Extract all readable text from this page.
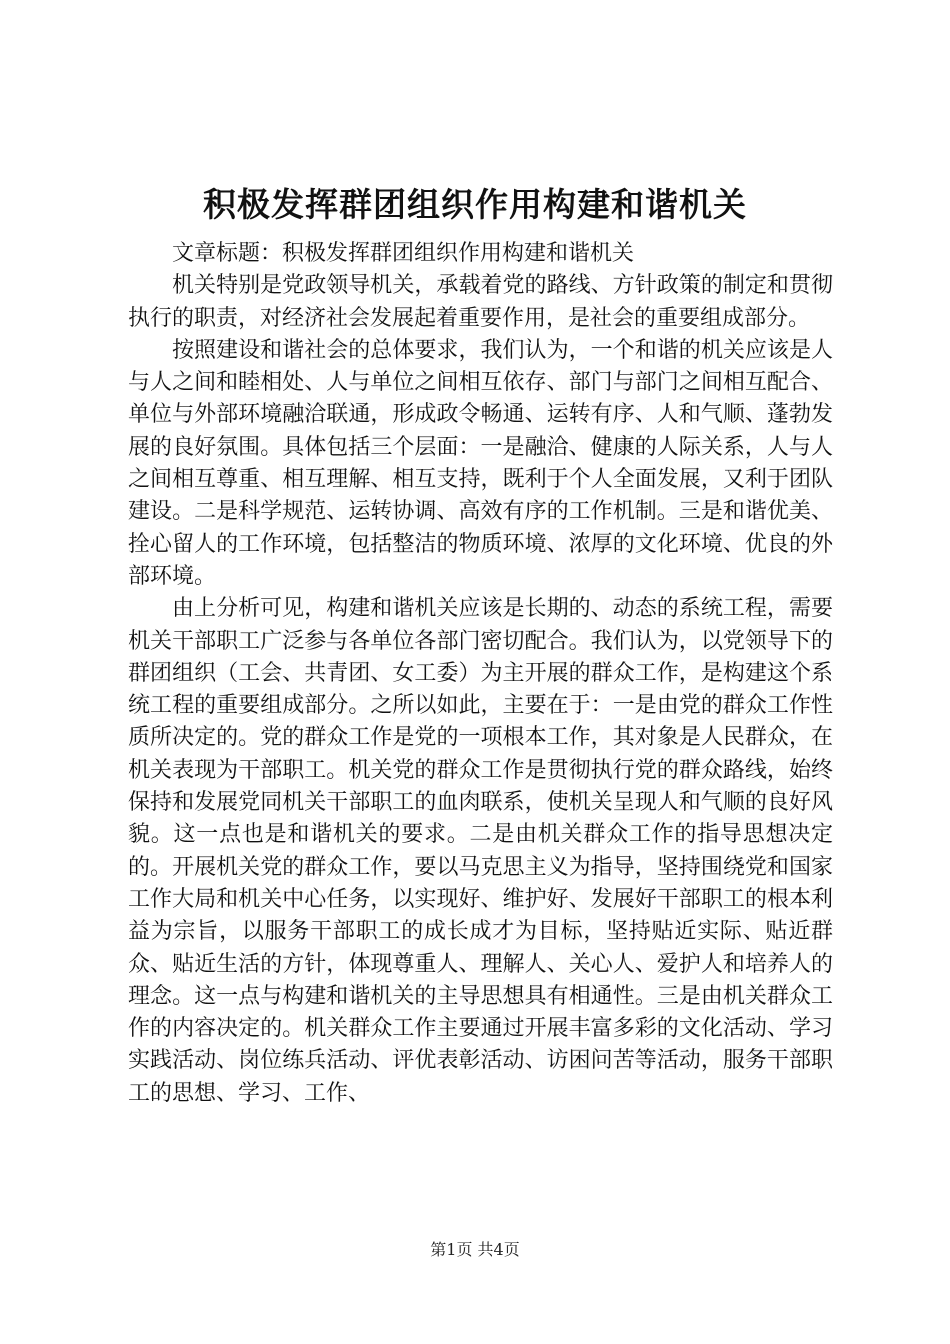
积极发挥群团组织作用构建和谐机关

文章标题：积极发挥群团组织作用构建和谐机关

机关特别是党政领导机关，承载着党的路线、方针政策的制定和贯彻执行的职责，对经济社会发展起着重要作用，是社会的重要组成部分。

按照建设和谐社会的总体要求，我们认为，一个和谐的机关应该是人与人之间和睦相处、人与单位之间相互依存、部门与部门之间相互配合、单位与外部环境融洽联通，形成政令畅通、运转有序、人和气顺、蓬勃发展的良好氛围。具体包括三个层面：一是融洽、健康的人际关系，人与人之间相互尊重、相互理解、相互支持，既利于个人全面发展，又利于团队建设。二是科学规范、运转协调、高效有序的工作机制。三是和谐优美、拴心留人的工作环境，包括整洁的物质环境、浓厚的文化环境、优良的外部环境。

由上分析可见，构建和谐机关应该是长期的、动态的系统工程，需要机关干部职工广泛参与各单位各部门密切配合。我们认为，以党领导下的群团组织（工会、共青团、女工委）为主开展的群众工作，是构建这个系统工程的重要组成部分。之所以如此，主要在于：一是由党的群众工作性质所决定的。党的群众工作是党的一项根本工作，其对象是人民群众，在机关表现为干部职工。机关党的群众工作是贯彻执行党的群众路线，始终保持和发展党同机关干部职工的血肉联系，使机关呈现人和气顺的良好风貌。这一点也是和谐机关的要求。二是由机关群众工作的指导思想决定的。开展机关党的群众工作，要以马克思主义为指导，坚持围绕党和国家工作大局和机关中心任务，以实现好、维护好、发展好干部职工的根本利益为宗旨，以服务干部职工的成长成才为目标，坚持贴近实际、贴近群众、贴近生活的方针，体现尊重人、理解人、关心人、爱护人和培养人的理念。这一点与构建和谐机关的主导思想具有相通性。三是由机关群众工作的内容决定的。机关群众工作主要通过开展丰富多彩的文化活动、学习实践活动、岗位练兵活动、评优表彰活动、访困问苦等活动，服务干部职工的思想、学习、工作、

第1页 共4页
